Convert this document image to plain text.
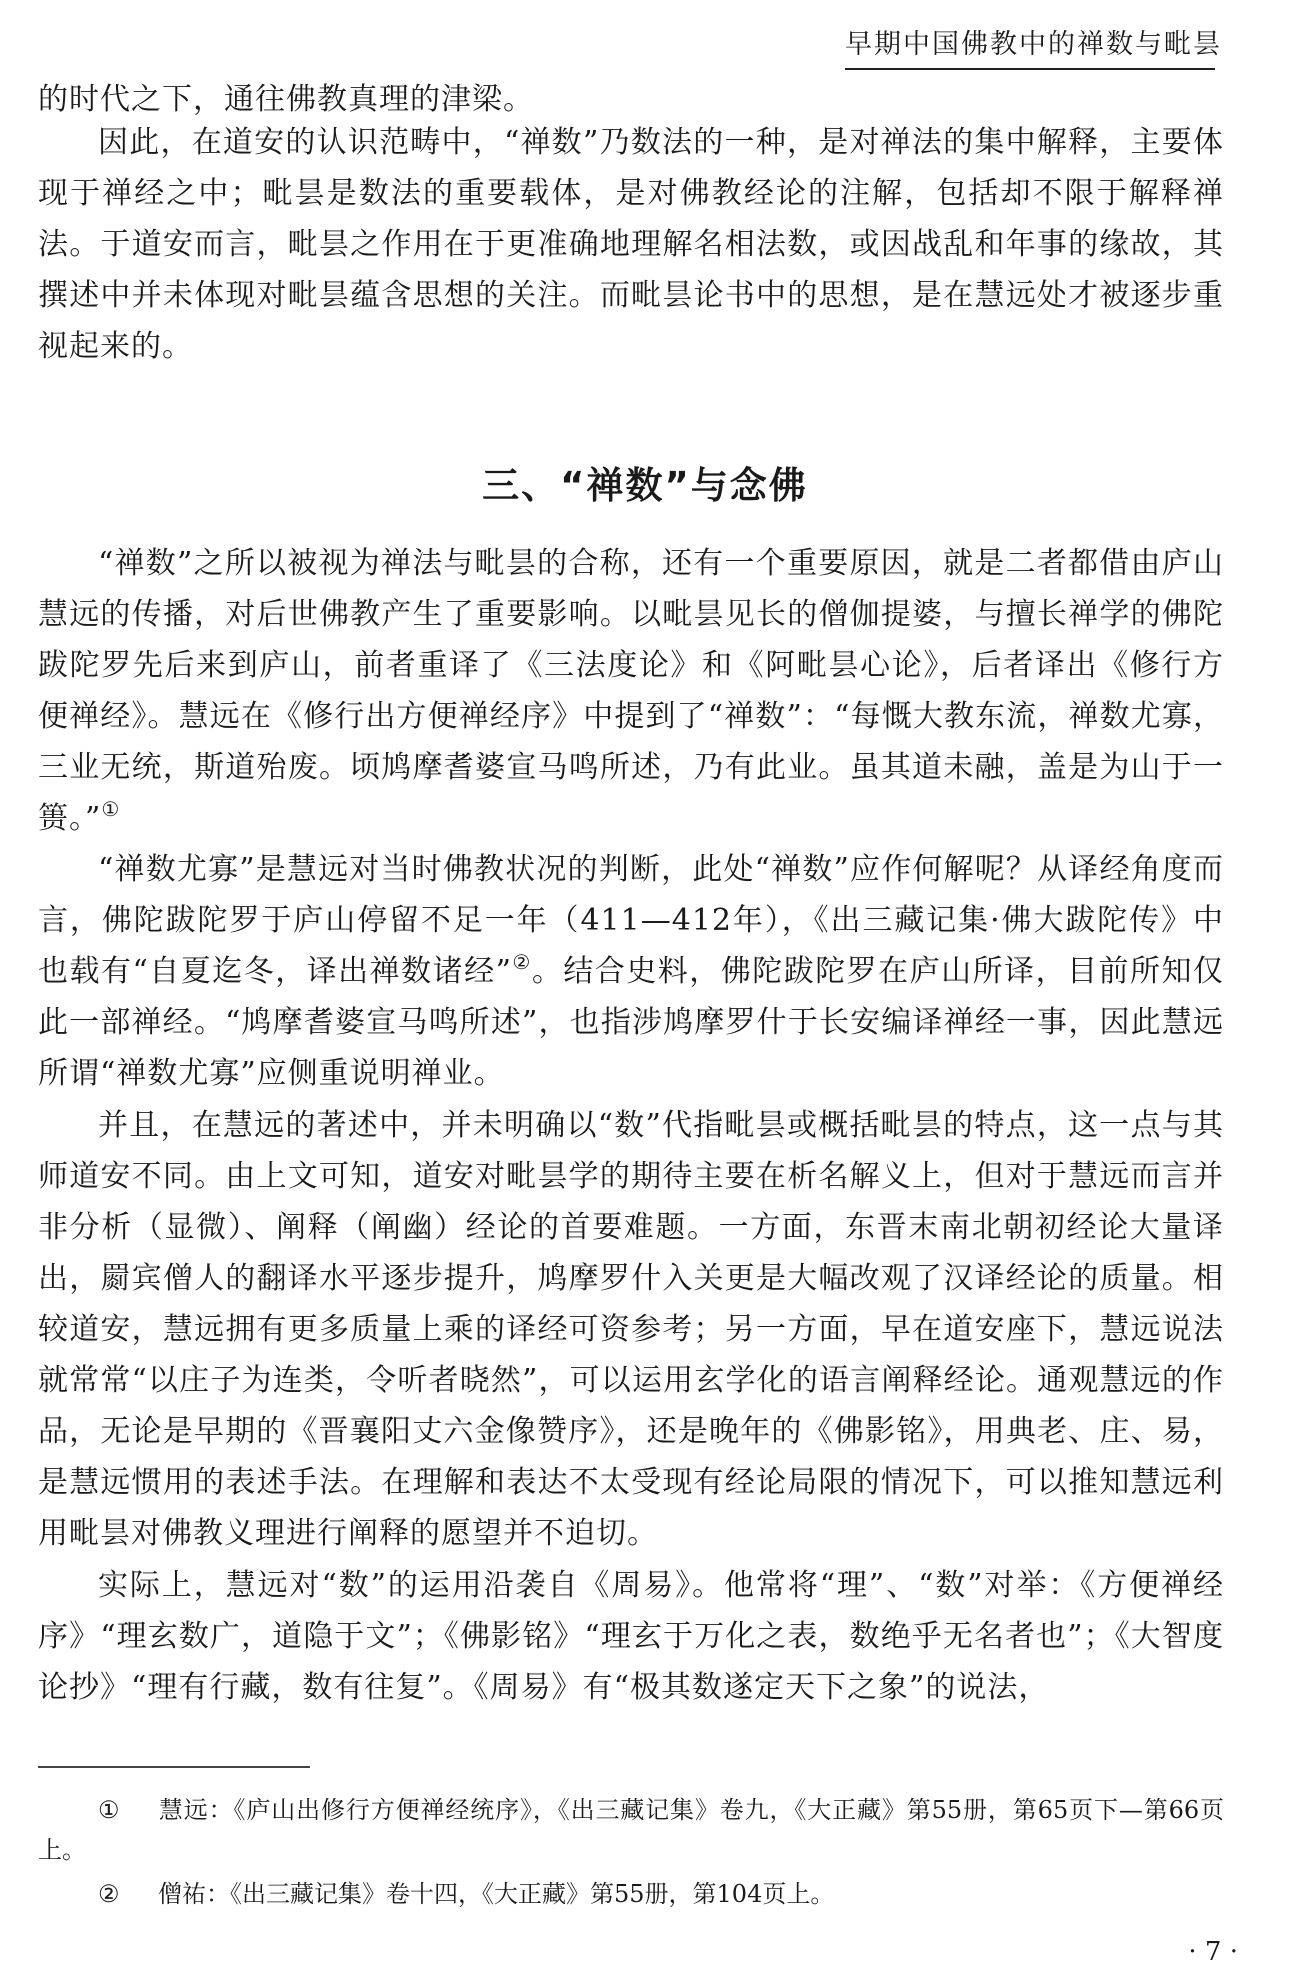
早期中国佛教中的禅数与毗昙

的时代之下，通往佛教真理的津梁。

因此，在道安的认识范畴中，“禅数”乃数法的一种，是对禅法的集中解释，主要体现于禅经之中；毗昙是数法的重要载体，是对佛教经论的注解，包括却不限于解释禅法。于道安而言，毗昙之作用在于更准确地理解名相法数，或因战乱和年事的缘故，其撰述中并未体现对毗昙蕴含思想的关注。而毗昙论书中的思想，是在慧远处才被逐步重视起来的。

三、“禅数”与念佛

“禅数”之所以被视为禅法与毗昙的合称，还有一个重要原因，就是二者都借由庐山慧远的传播，对后世佛教产生了重要影响。以毗昙见长的僧伽提婆，与擅长禅学的佛陀跋陀罗先后来到庐山，前者重译了《三法度论》和《阿毗昙心论》，后者译出《修行方便禅经》。慧远在《修行出方便禅经序》中提到了“禅数”：“每慨大教东流，禅数尤寡，三业无统，斯道殆废。顷鸠摩耆婆宣马鸣所述，乃有此业。虽其道未融，盖是为山于一篑。”①

“禅数尤寡”是慧远对当时佛教状况的判断，此处“禅数”应作何解呢？从译经角度而言，佛陀跋陀罗于庐山停留不足一年（411—412年），《出三藏记集·佛大跋陀传》中也载有“自夏迄冬，译出禅数诸经”②。结合史料，佛陀跋陀罗在庐山所译，目前所知仅此一部禅经。“鸠摩耆婆宣马鸣所述”，也指涉鸠摩罗什于长安编译禅经一事，因此慧远所谓“禅数尤寡”应侧重说明禅业。

并且，在慧远的著述中，并未明确以“数”代指毗昙或概括毗昙的特点，这一点与其师道安不同。由上文可知，道安对毗昙学的期待主要在析名解义上，但对于慧远而言并非分析（显微）、阐释（阐幽）经论的首要难题。一方面，东晋末南北朝初经论大量译出，罽宾僧人的翻译水平逐步提升，鸠摩罗什入关更是大幅改观了汉译经论的质量。相较道安，慧远拥有更多质量上乘的译经可资参考；另一方面，早在道安座下，慧远说法就常常“以庄子为连类，令听者晓然”，可以运用玄学化的语言阐释经论。通观慧远的作品，无论是早期的《晋襄阳丈六金像赞序》，还是晚年的《佛影铭》，用典老、庄、易，是慧远惯用的表述手法。在理解和表达不太受现有经论局限的情况下，可以推知慧远利用毗昙对佛教义理进行阐释的愿望并不迫切。

实际上，慧远对“数”的运用沿袭自《周易》。他常将“理”、“数”对举：《方便禅经序》“理玄数广，道隐于文”；《佛影铭》“理玄于万化之表，数绝乎无名者也”；《大智度论抄》“理有行藏，数有往复”。《周易》有“极其数遂定天下之象”的说法，

① 慧远：《庐山出修行方便禅经统序》，《出三藏记集》卷九，《大正藏》第55册，第65页下—第66页上。

② 僧祐：《出三藏记集》卷十四，《大正藏》第55册，第104页上。

· 7 ·
